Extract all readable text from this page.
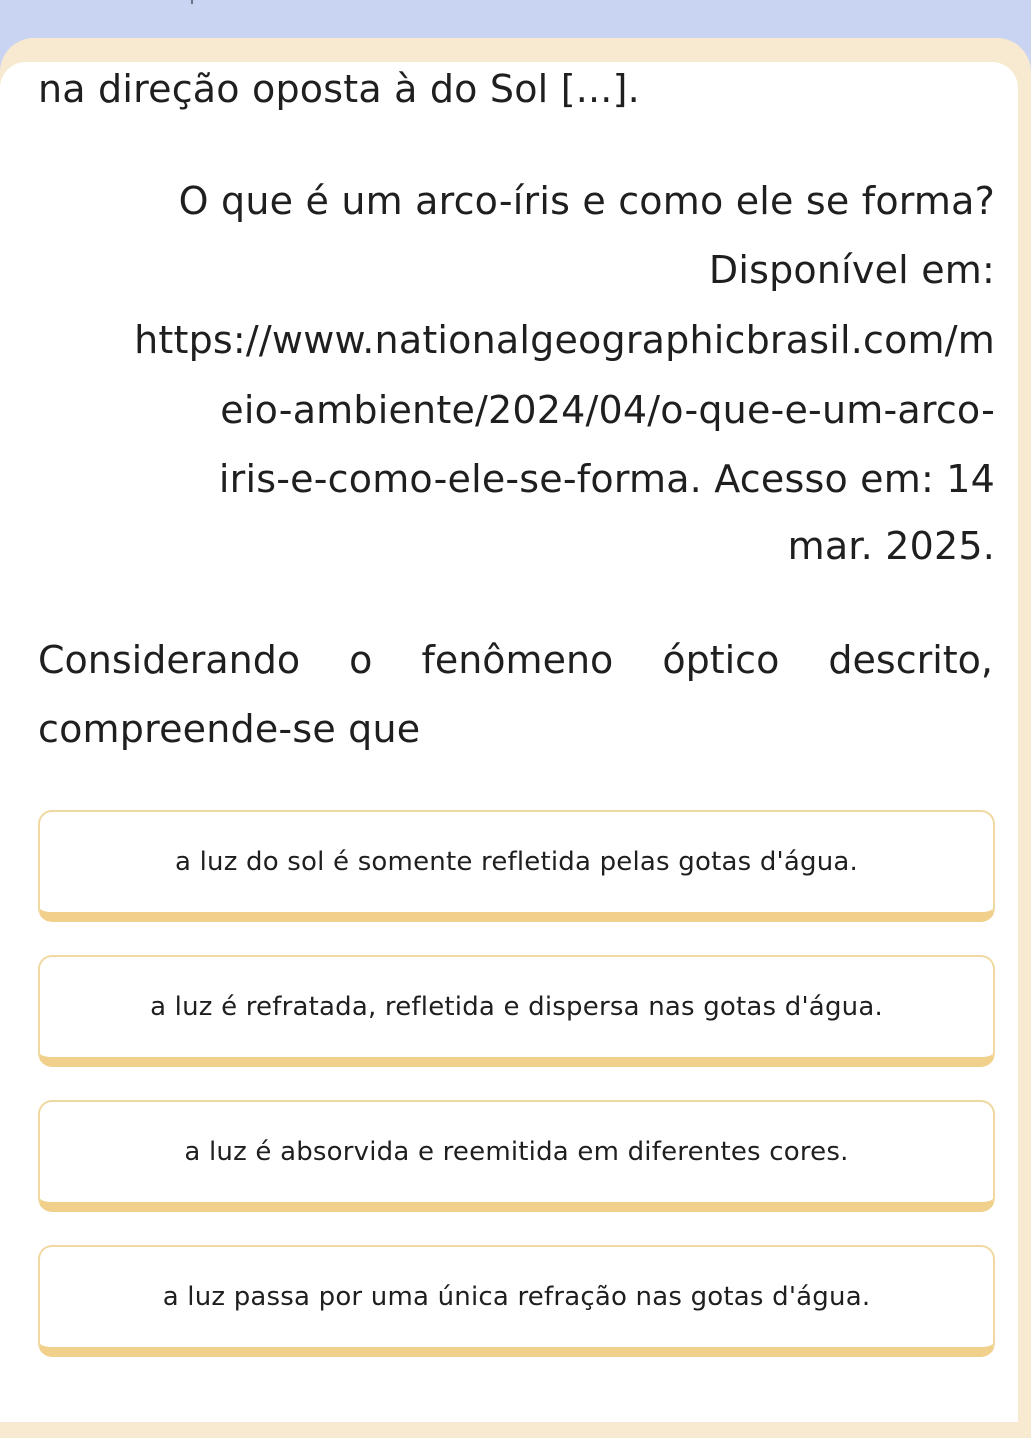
na direção oposta à do Sol [...].
O que é um arco-íris e como ele se forma?
Disponível em:
https://www.nationalgeographicbrasil.com/m
eio-ambiente/2024/04/o-que-e-um-arco-
iris-e-como-ele-se-forma. Acesso em: 14
mar. 2025.
Considerando o fenômeno óptico descrito,
compreende-se que
a luz do sol é somente refletida pelas gotas d'água.
a luz é refratada, refletida e dispersa nas gotas d'água.
a luz é absorvida e reemitida em diferentes cores.
a luz passa por uma única refração nas gotas d'água.
